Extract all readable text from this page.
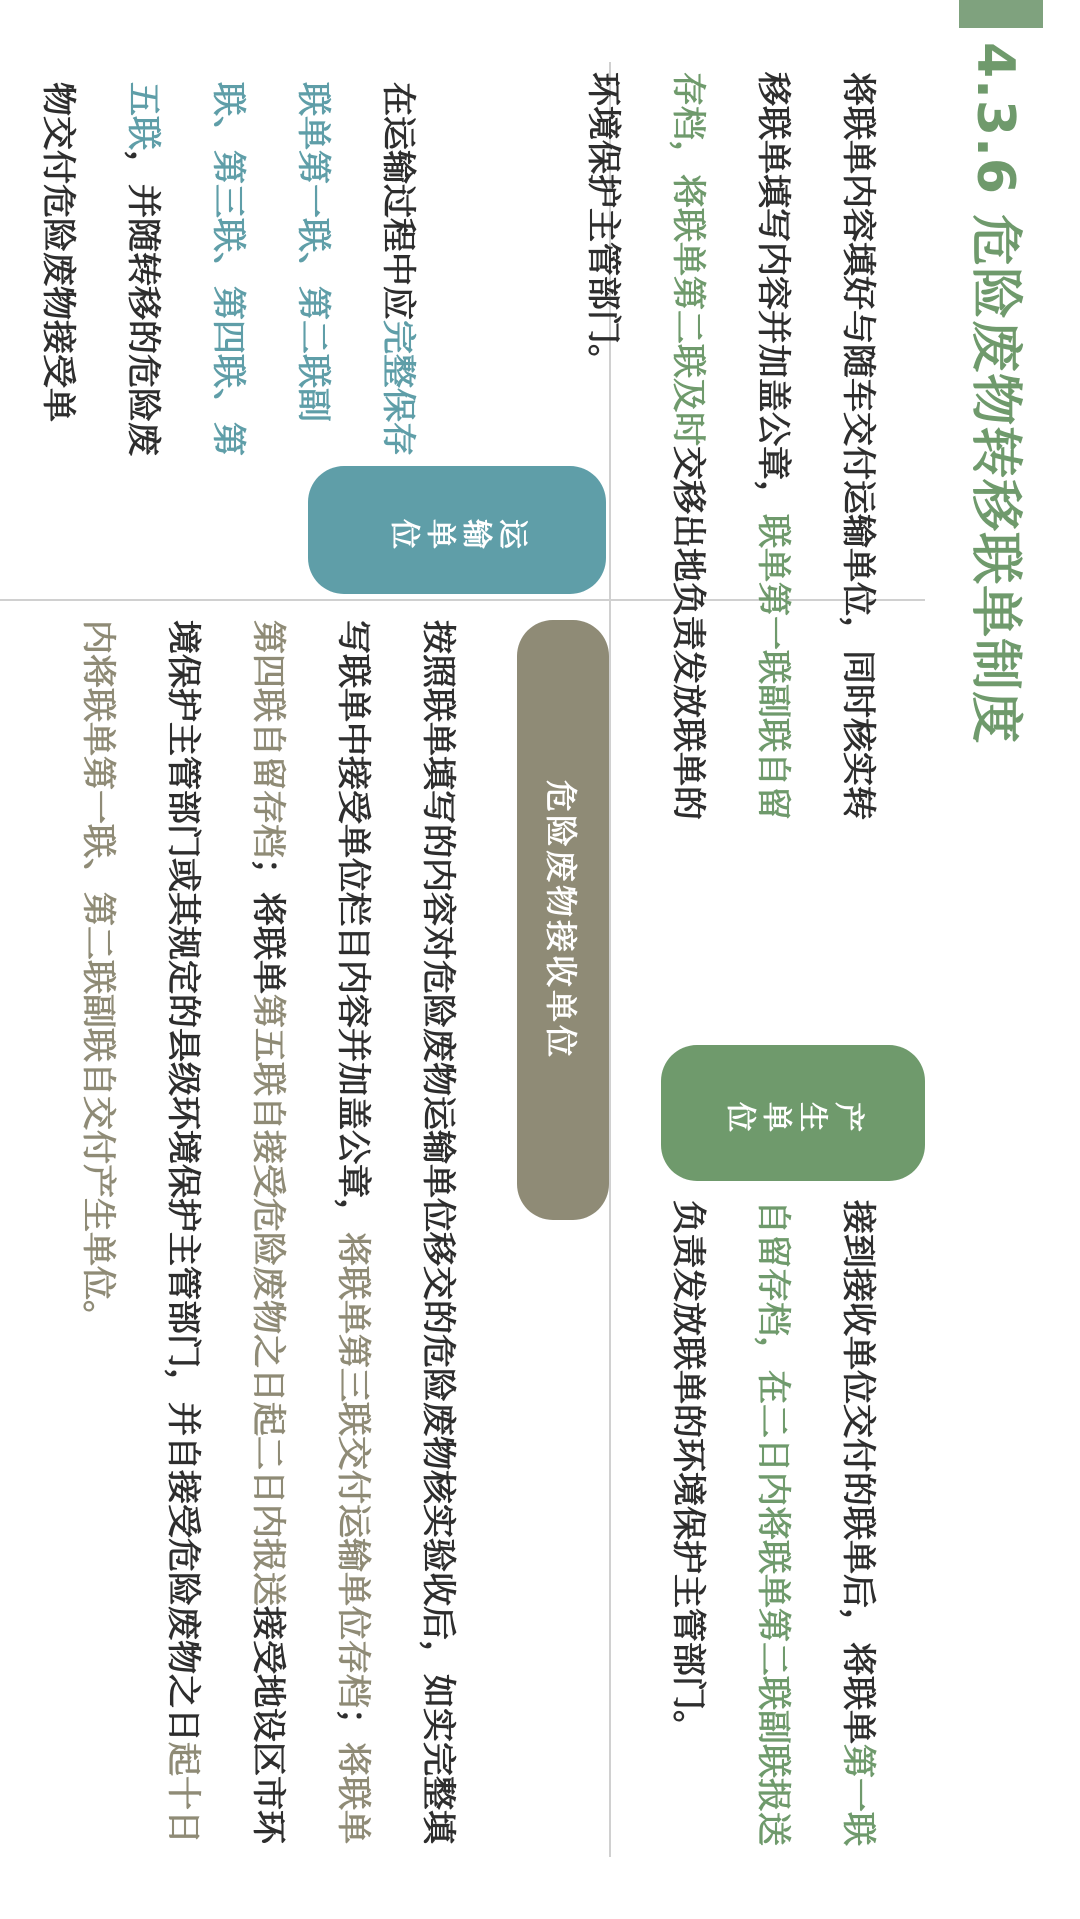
4.3.6 危险废物转移联单制度

将联单内容填好与随车交付运输单位，同时核实转移联单填写内容并加盖公章，联单第一联副联自留存档，将联单第二联及时交移出地负责发放联单的环境保护主管部门。

运输单位

在运输过程中应完整保存联单第一联、第二联副联、第三联、第四联、第五联，并随转移的危险废物交付危险废物接受单

危险废物接收单位

按照联单填写的内容对危险废物运输单位移交的危险废物核实验收后，如实完整填写联单中接受单位栏目内容并加盖公章，将联单第三联交付运输单位存档；将联单第四联自留存档；将联单第五联自接受危险废物之日起二日内报送接受地设区市环境保护主管部门或其规定的县级环境保护主管部门，并自接受危险废物之日起十日内将联单第一联、第二联副联自交付产生单位。	产生单位

接到接收单位交付的联单后，将联单第一联自留存档，在二日内将联单第二联副联报送负责发放联单的环境保护主管部门。
